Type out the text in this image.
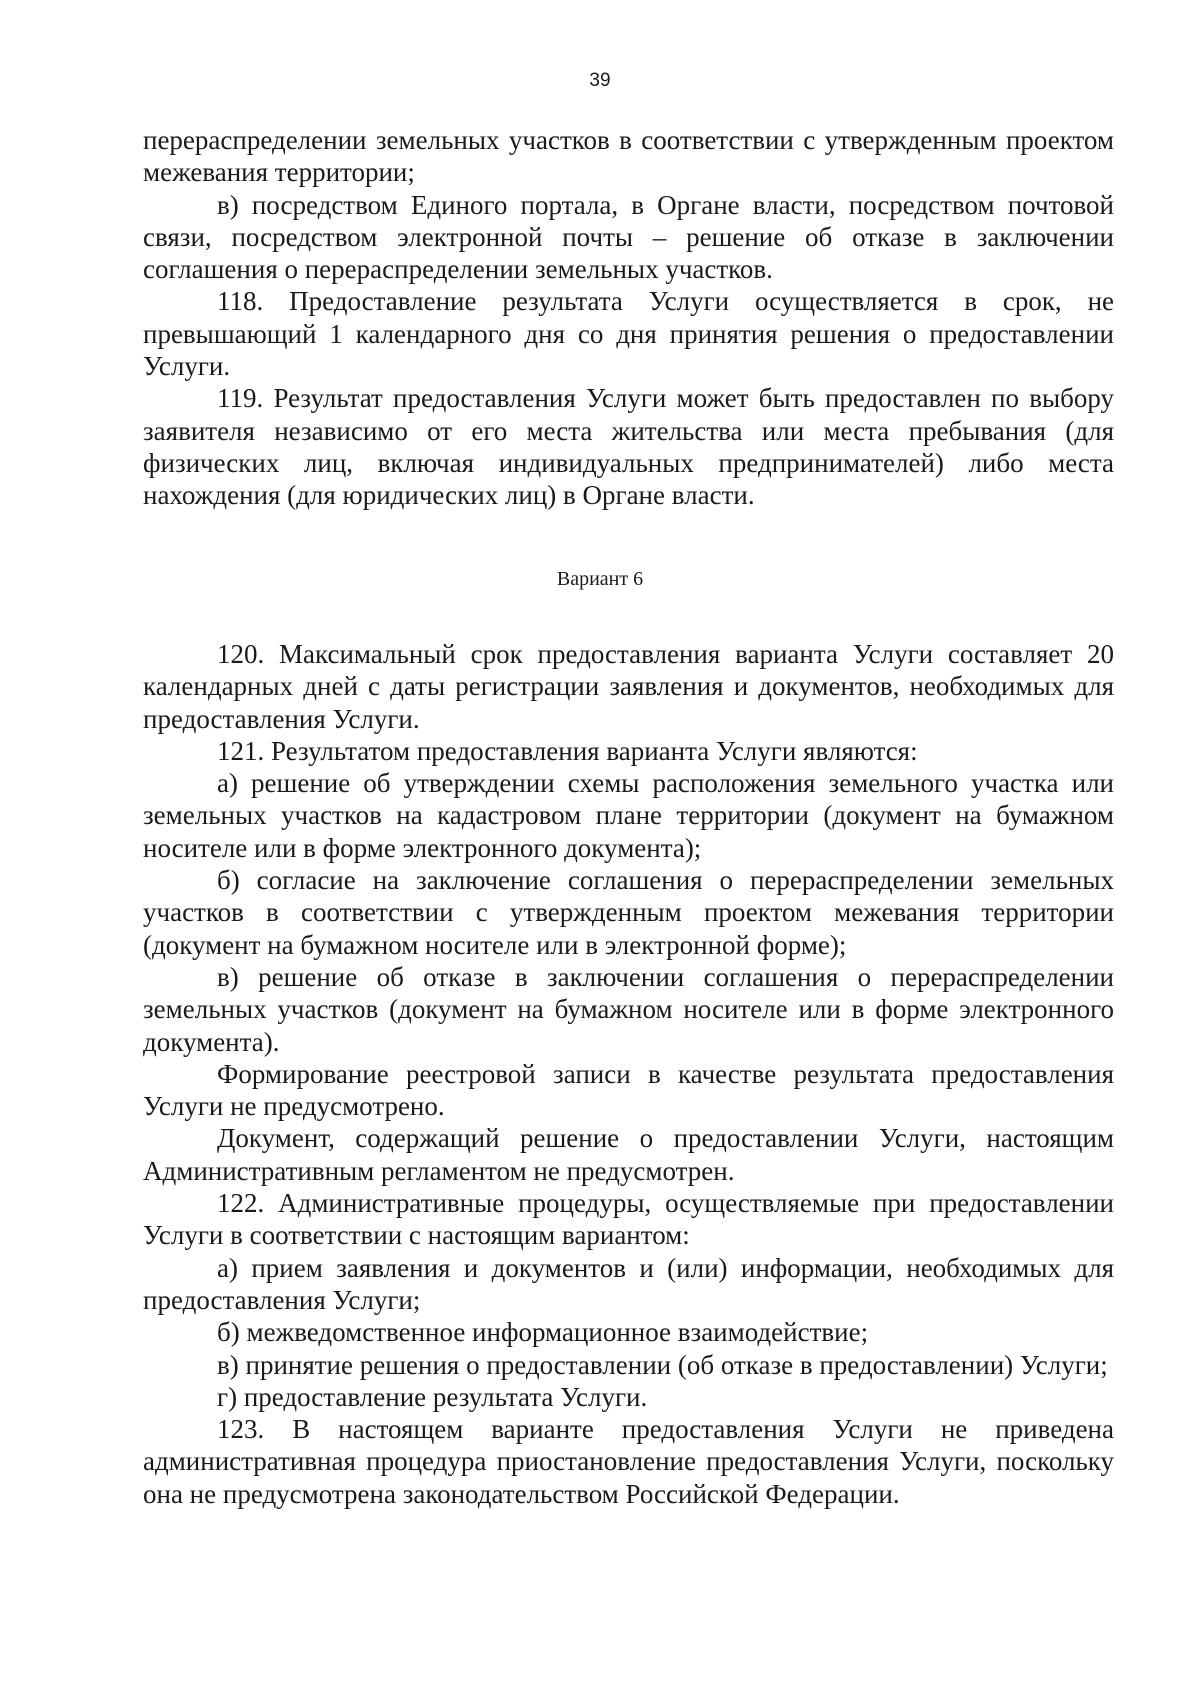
39

перераспределении земельных участков в соответствии с утвержденным проектом межевания территории;

в) посредством Единого портала, в Органе власти, посредством почтовой связи, посредством электронной почты – решение об отказе в заключении соглашения о перераспределении земельных участков.

118. Предоставление результата Услуги осуществляется в срок, не превышающий 1 календарного дня со дня принятия решения о предоставлении Услуги.

119. Результат предоставления Услуги может быть предоставлен по выбору заявителя независимо от его места жительства или места пребывания (для физических лиц, включая индивидуальных предпринимателей) либо места нахождения (для юридических лиц) в Органе власти.

Вариант 6

120. Максимальный срок предоставления варианта Услуги составляет 20 календарных дней с даты регистрации заявления и документов, необходимых для предоставления Услуги.

121. Результатом предоставления варианта Услуги являются:

а) решение об утверждении схемы расположения земельного участка или земельных участков на кадастровом плане территории (документ на бумажном носителе или в форме электронного документа);

б) согласие на заключение соглашения о перераспределении земельных участков в соответствии с утвержденным проектом межевания территории (документ на бумажном носителе или в электронной форме);

в) решение об отказе в заключении соглашения о перераспределении земельных участков (документ на бумажном носителе или в форме электронного документа).

Формирование реестровой записи в качестве результата предоставления Услуги не предусмотрено.

Документ, содержащий решение о предоставлении Услуги, настоящим Административным регламентом не предусмотрен.

122. Административные процедуры, осуществляемые при предоставлении Услуги в соответствии с настоящим вариантом:

а) прием заявления и документов и (или) информации, необходимых для предоставления Услуги;

б) межведомственное информационное взаимодействие;

в) принятие решения о предоставлении (об отказе в предоставлении) Услуги;

г) предоставление результата Услуги.

123. В настоящем варианте предоставления Услуги не приведена административная процедура приостановление предоставления Услуги, поскольку она не предусмотрена законодательством Российской Федерации.
